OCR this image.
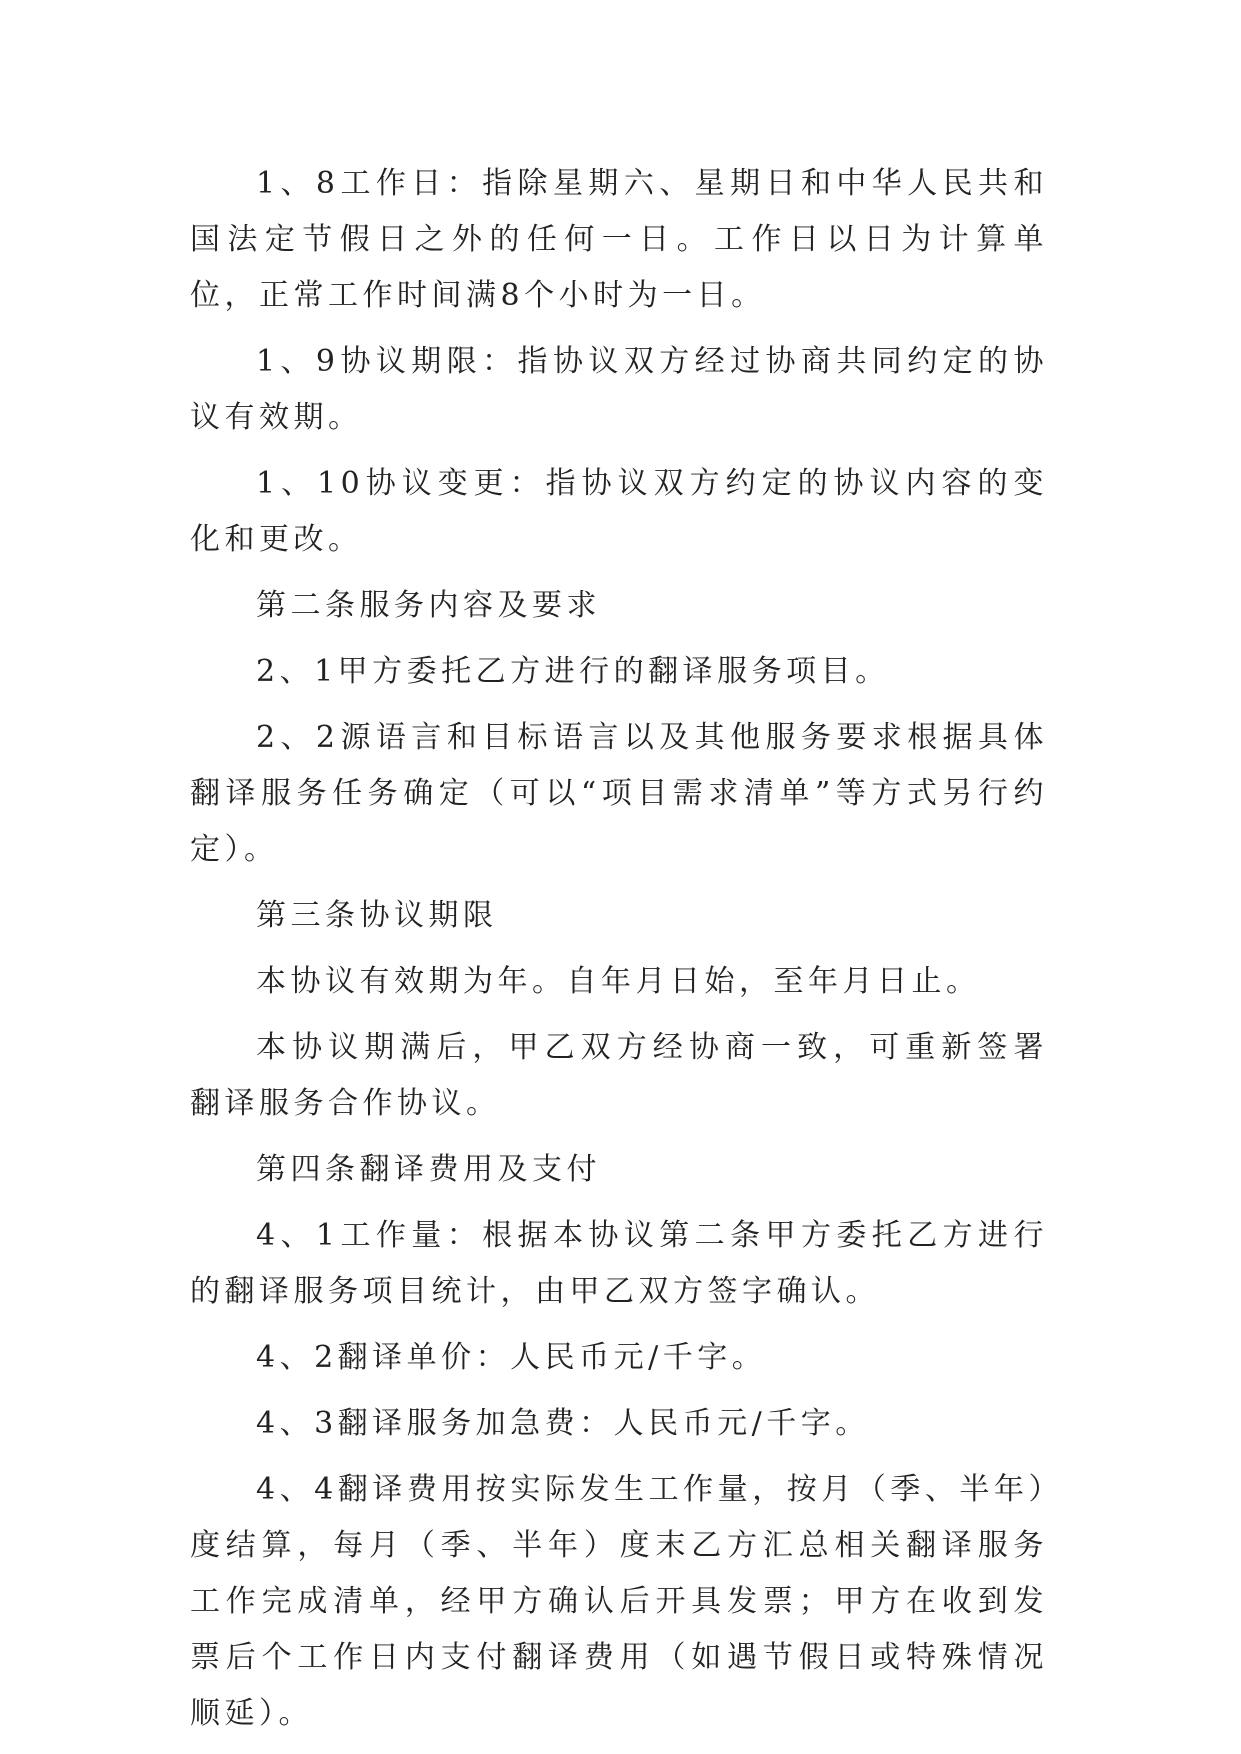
1、8工作日：指除星期六、星期日和中华人民共和国法定节假日之外的任何一日。工作日以日为计算单位，正常工作时间满8个小时为一日。

1、9协议期限：指协议双方经过协商共同约定的协议有效期。

1、10协议变更：指协议双方约定的协议内容的变化和更改。

第二条服务内容及要求

2、1甲方委托乙方进行的翻译服务项目。

2、2源语言和目标语言以及其他服务要求根据具体翻译服务任务确定（可以“项目需求清单”等方式另行约定）。

第三条协议期限

本协议有效期为年。自年月日始，至年月日止。

本协议期满后，甲乙双方经协商一致，可重新签署翻译服务合作协议。

第四条翻译费用及支付

4、1工作量：根据本协议第二条甲方委托乙方进行的翻译服务项目统计，由甲乙双方签字确认。

4、2翻译单价：人民币元/千字。

4、3翻译服务加急费：人民币元/千字。

4、4翻译费用按实际发生工作量，按月（季、半年）度结算，每月（季、半年）度末乙方汇总相关翻译服务工作完成清单，经甲方确认后开具发票；甲方在收到发票后个工作日内支付翻译费用（如遇节假日或特殊情况顺延）。
